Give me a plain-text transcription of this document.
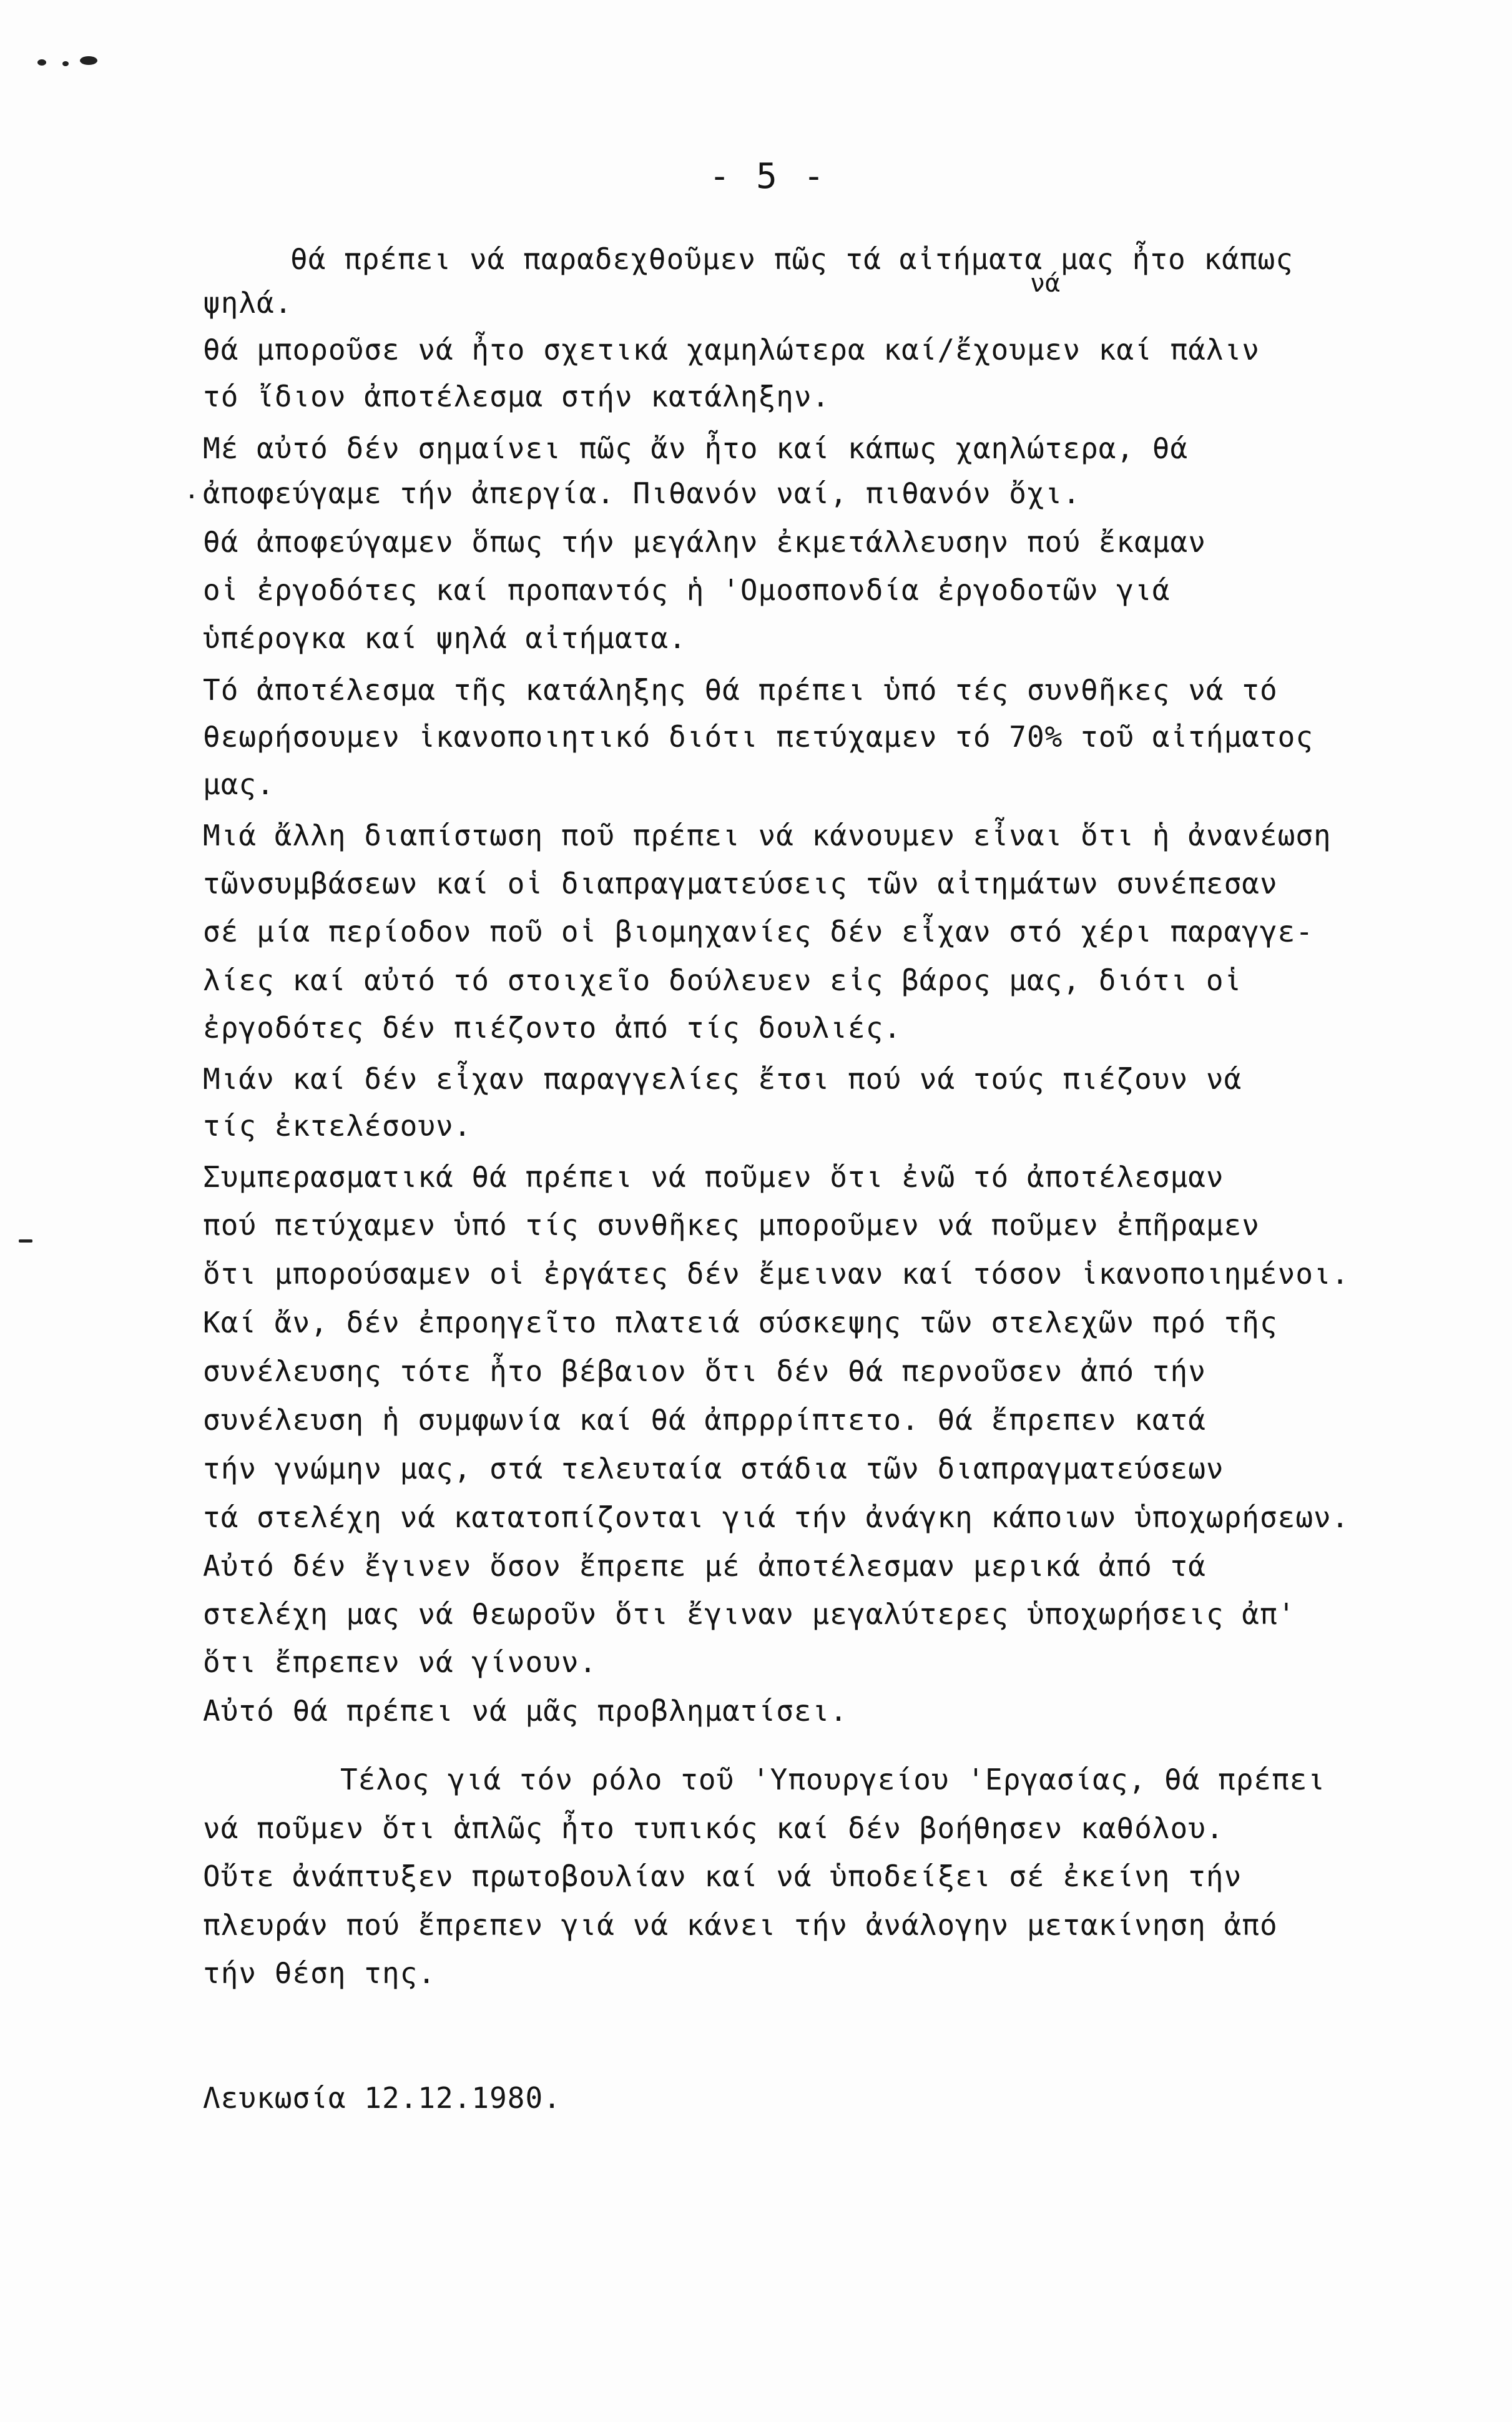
- 5 -
νά
θά πρέπει νά παραδεχθοῦμεν πῶς τά αἰτήματα μας ἦτο κάπως
ψηλά.
θά μποροῦσε νά ἦτο σχετικά χαμηλώτερα καί/ἔχουμεν καί πάλιν
τό ἴδιον ἀποτέλεσμα στήν κατάληξην.
Μέ αὐτό δέν σημαίνει πῶς ἄν ἦτο καί κάπως χαηλώτερα, θά
. ἀποφεύγαμε τήν ἀπεργία. Πιθανόν ναί, πιθανόν ὄχι.
θά ἀποφεύγαμεν ὅπως τήν μεγάλην ἐκμετάλλευσην πού ἔκαμαν
οἱ ἐργοδότες καί προπαντός ἡ 'Ομοσπονδία ἐργοδοτῶν γιά
ὑπέρογκα καί ψηλά αἰτήματα.
Τό ἀποτέλεσμα τῆς κατάληξης θά πρέπει ὑπό τές συνθῆκες νά τό
θεωρήσουμεν ἱκανοποιητικό διότι πετύχαμεν τό 70% τοῦ αἰτήματος
μας.
Μιά ἄλλη διαπίστωση ποῦ πρέπει νά κάνουμεν εἶναι ὅτι ἡ ἀνανέωση
τῶνσυμβάσεων καί οἱ διαπραγματεύσεις τῶν αἰτημάτων συνέπεσαν
σέ μία περίοδον ποῦ οἱ βιομηχανίες δέν εἶχαν στό χέρι παραγγε-
λίες καί αὐτό τό στοιχεῖο δούλευεν εἰς βάρος μας, διότι οἱ
ἐργοδότες δέν πιέζοντο ἀπό τίς δουλιές.
Μιάν καί δέν εἶχαν παραγγελίες ἔτσι πού νά τούς πιέζουν νά
τίς ἐκτελέσουν.
Συμπερασματικά θά πρέπει νά ποῦμεν ὅτι ἐνῶ τό ἀποτέλεσμαν
πού πετύχαμεν ὑπό τίς συνθῆκες μποροῦμεν νά ποῦμεν ἐπῆραμεν
ὅτι μπορούσαμεν οἱ ἐργάτες δέν ἔμειναν καί τόσον ἱκανοποιημένοι.
Καί ἄν, δέν ἐπροηγεῖτο πλατειά σύσκεψης τῶν στελεχῶν πρό τῆς
συνέλευσης τότε ἦτο βέβαιον ὅτι δέν θά περνοῦσεν ἀπό τήν
συνέλευση ἡ συμφωνία καί θά ἀπρρρίπτετο. θά ἔπρεπεν κατά
τήν γνώμην μας, στά τελευταία στάδια τῶν διαπραγματεύσεων
τά στελέχη νά κατατοπίζονται γιά τήν ἀνάγκη κάποιων ὑποχωρήσεων.
Αὐτό δέν ἔγινεν ὅσον ἔπρεπε μέ ἀποτέλεσμαν μερικά ἀπό τά
στελέχη μας νά θεωροῦν ὅτι ἔγιναν μεγαλύτερες ὑποχωρήσεις ἀπ'
ὅτι ἔπρεπεν νά γίνουν.
Αὐτό θά πρέπει νά μᾶς προβληματίσει.
Τέλος γιά τόν ρόλο τοῦ 'Υπουργείου 'Εργασίας, θά πρέπει
νά ποῦμεν ὅτι ἁπλῶς ἦτο τυπικός καί δέν βοήθησεν καθόλου.
Οὔτε ἀνάπτυξεν πρωτοβουλίαν καί νά ὑποδείξει σέ ἐκείνη τήν
πλευράν πού ἔπρεπεν γιά νά κάνει τήν ἀνάλογην μετακίνηση ἀπό
τήν θέση της.
Λευκωσία 12.12.1980.
